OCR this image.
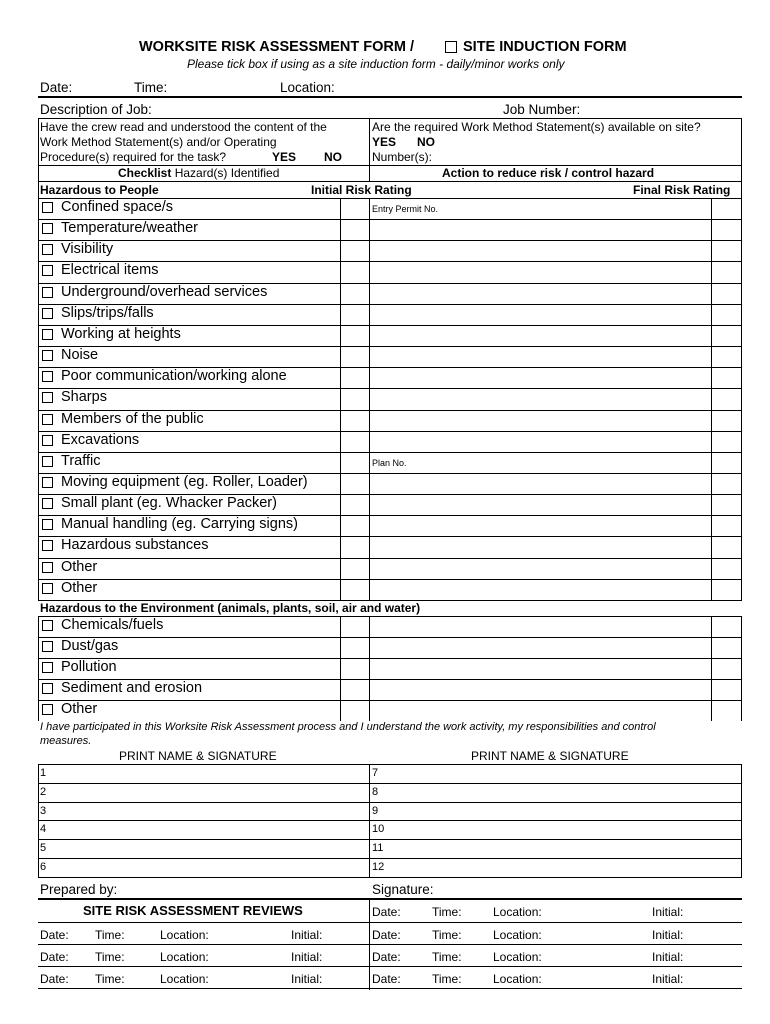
WORKSITE RISK ASSESSMENT FORM /	SITE INDUCTION FORM
Please tick box if using as a site induction form - daily/minor works only
Date:	Time:	Location:
Description of Job:	Job Number:
Have the crew read and understood the content of the
Work Method Statement(s) and/or Operating
Procedure(s) required for the task?	YES NO
Are the required Work Method Statement(s) available on site?
YES NO
Number(s):
Checklist Hazard(s) Identified	Action to reduce risk / control hazard
Hazardous to People	Initial Risk Rating	Final Risk Rating
Confined space/s	Entry Permit No.
Temperature/weather
Visibility
Electrical items
Underground/overhead services
Slips/trips/falls
Working at heights
Noise
Poor communication/working alone
Sharps
Members of the public
Excavations
Traffic	Plan No.
Moving equipment (eg. Roller, Loader)
Small plant (eg. Whacker Packer)
Manual handling (eg. Carrying signs)
Hazardous substances
Other
Other
Hazardous to the Environment (animals, plants, soil, air and water)
Chemicals/fuels
Dust/gas
Pollution
Sediment and erosion
Other
I have participated in this Worksite Risk Assessment process and I understand the work activity, my responsibilities and control
measures.
PRINT NAME & SIGNATURE	PRINT NAME & SIGNATURE
1	7
2	8
3	9
4	10
5	11
6	12
Prepared by:	Signature:
SITE RISK ASSESSMENT REVIEWS	Date:	Time:	Location:	Initial:
Date: Time:	Location:	Initial:	Date:	Time:	Location:	Initial:
Date: Time:	Location:	Initial:	Date:	Time:	Location:	Initial:
Date: Time:	Location:	Initial:	Date:	Time:	Location:	Initial:
